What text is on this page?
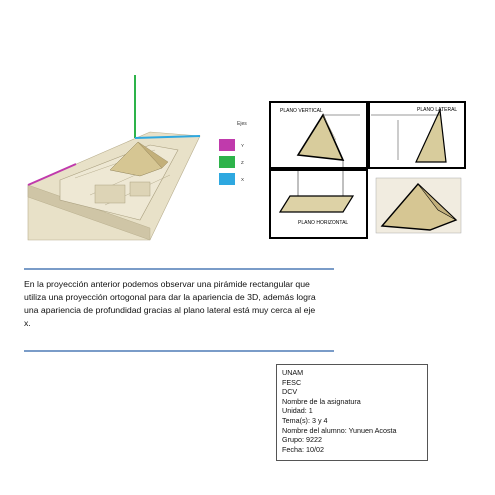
Ejes
Y
Z
X
PLANO VERTICAL	PLANO LATERAL
PLANO HORIZONTAL

En la proyección anterior podemos observar una pirámide rectangular que utiliza una proyección ortogonal para dar la apariencia de 3D, además logra una apariencia de profundidad gracias al plano lateral está muy cerca al eje x.

UNAM
FESC
DCV
Nombre de la asignatura
Unidad: 1
Tema(s): 3 y 4
Nombre del alumno: Yunuen Acosta
Grupo: 9222
Fecha: 10/02
